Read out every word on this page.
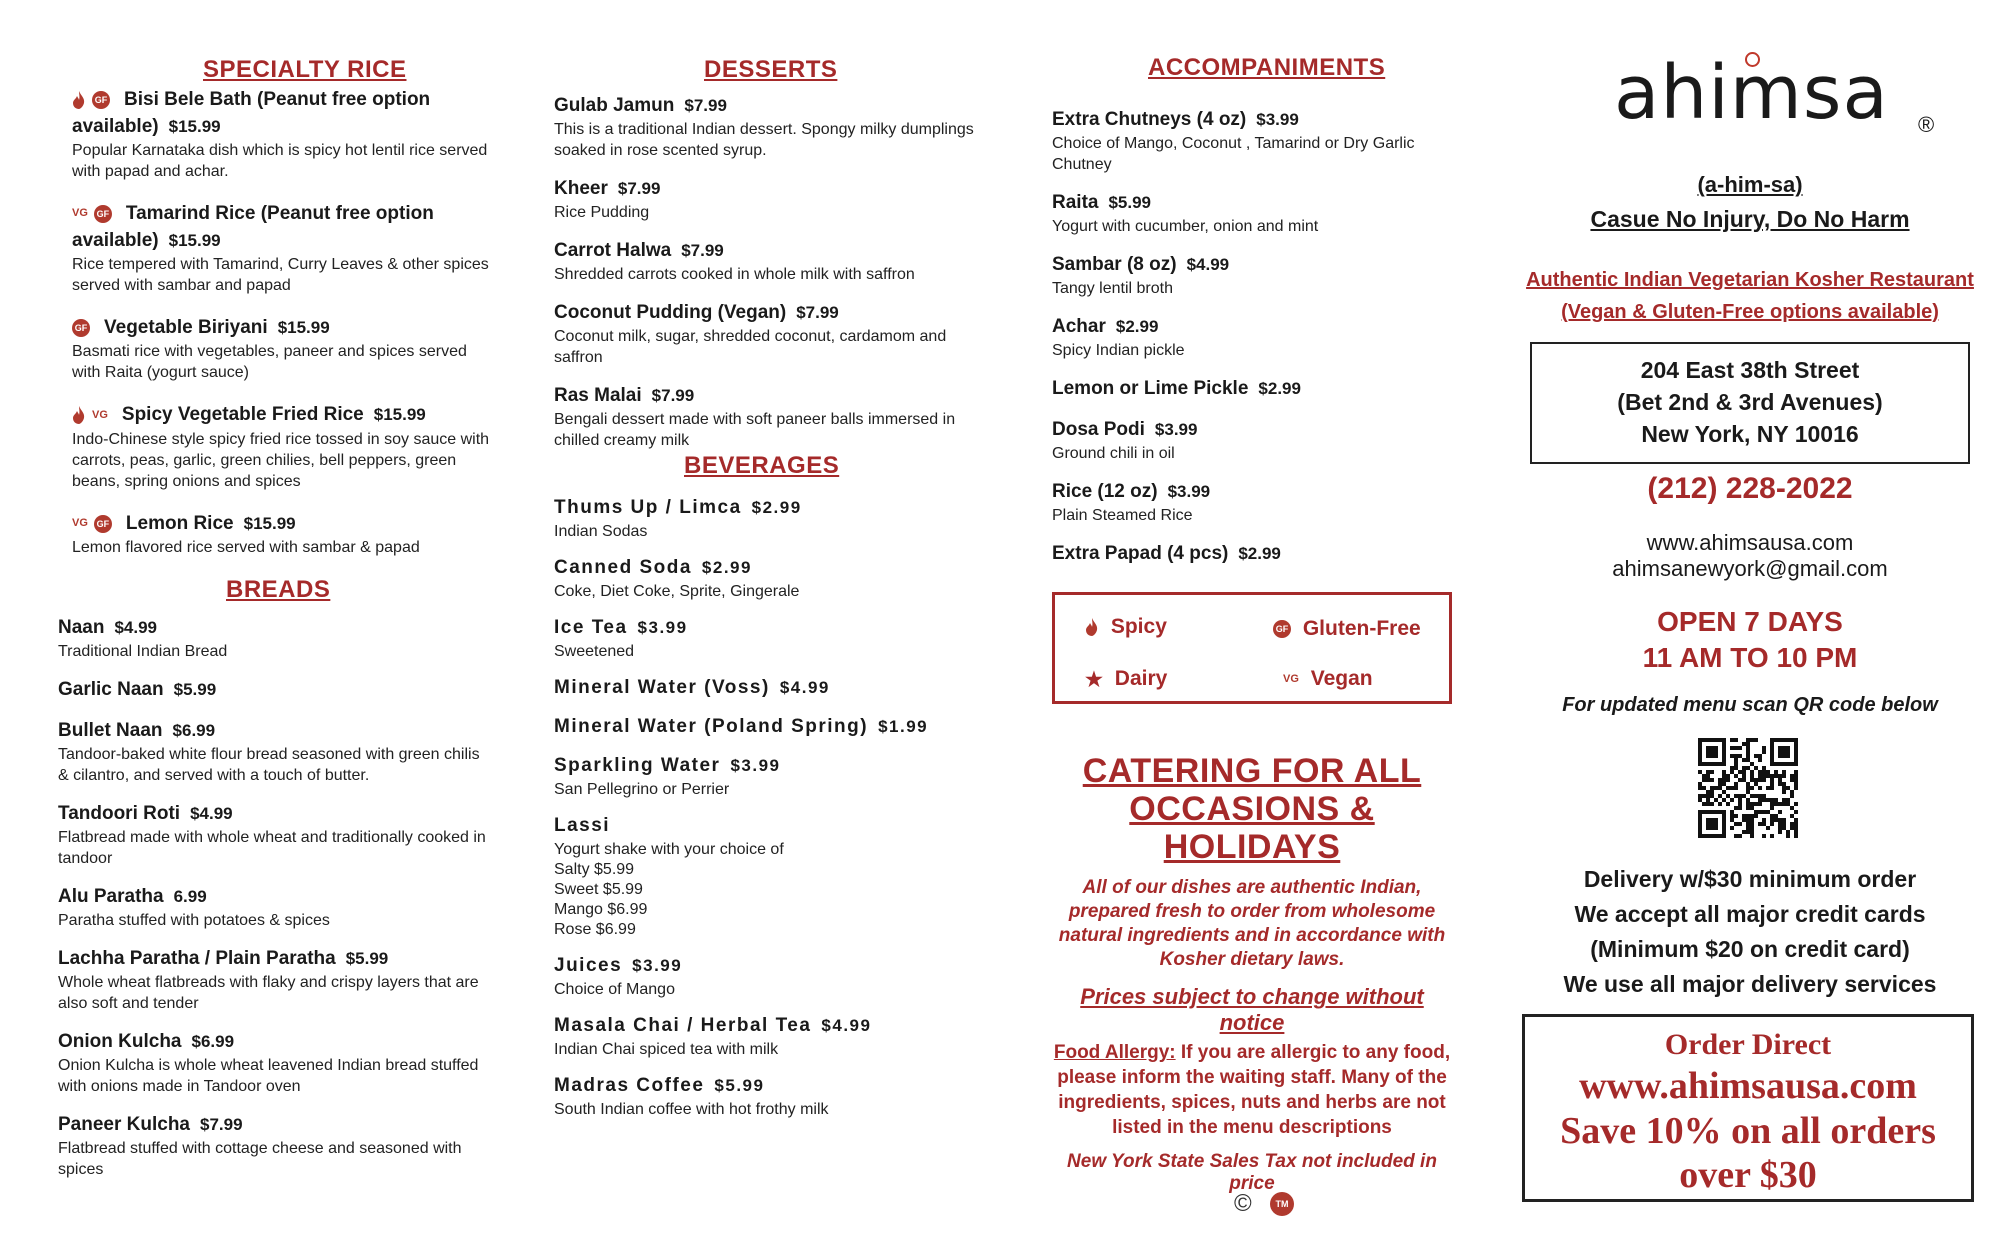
SPECIALTY RICE
GF Bisi Bele Bath (Peanut free option
available) $15.99
Popular Karnataka dish which is spicy hot lentil rice served with papad and achar.
VG GF Tamarind Rice (Peanut free option
available) $15.99
Rice tempered with Tamarind, Curry Leaves & other spices served with sambar and papad
GF Vegetable Biriyani $15.99
Basmati rice with vegetables, paneer and spices served with Raita (yogurt sauce)
VG Spicy Vegetable Fried Rice $15.99
Indo-Chinese style spicy fried rice tossed in soy sauce with carrots, peas, garlic, green chilies, bell peppers, green beans, spring onions and spices
VG GF Lemon Rice $15.99
Lemon flavored rice served with sambar & papad
BREADS
Naan $4.99
Traditional Indian Bread
Garlic Naan $5.99
Bullet Naan $6.99
Tandoor-baked white flour bread seasoned with green chilis & cilantro, and served with a touch of butter.
Tandoori Roti $4.99
Flatbread made with whole wheat and traditionally cooked in tandoor
Alu Paratha 6.99
Paratha stuffed with potatoes & spices
Lachha Paratha / Plain Paratha $5.99
Whole wheat flatbreads with flaky and crispy layers that are also soft and tender
Onion Kulcha $6.99
Onion Kulcha is whole wheat leavened Indian bread stuffed with onions made in Tandoor oven
Paneer Kulcha $7.99
Flatbread stuffed with cottage cheese and seasoned with spices
DESSERTS
Gulab Jamun $7.99
This is a traditional Indian dessert. Spongy milky dumplings soaked in rose scented syrup.
Kheer $7.99
Rice Pudding
Carrot Halwa $7.99
Shredded carrots cooked in whole milk with saffron
Coconut Pudding (Vegan) $7.99
Coconut milk, sugar, shredded coconut, cardamom and saffron
Ras Malai $7.99
Bengali dessert made with soft paneer balls immersed in chilled creamy milk
BEVERAGES
Thums Up / Limca $2.99
Indian Sodas
Canned Soda $2.99
Coke, Diet Coke, Sprite, Gingerale
Ice Tea $3.99
Sweetened
Mineral Water (Voss) $4.99
Mineral Water (Poland Spring) $1.99
Sparkling Water $3.99
San Pellegrino or Perrier
Lassi
Yogurt shake with your choice of
Salty $5.99
Sweet $5.99
Mango $6.99
Rose $6.99
Juices $3.99
Choice of Mango
Masala Chai / Herbal Tea $4.99
Indian Chai spiced tea with milk
Madras Coffee $5.99
South Indian coffee with hot frothy milk
ACCOMPANIMENTS
Extra Chutneys (4 oz) $3.99
Choice of Mango, Coconut , Tamarind or Dry Garlic Chutney
Raita $5.99
Yogurt with cucumber, onion and mint
Sambar (8 oz) $4.99
Tangy lentil broth
Achar $2.99
Spicy Indian pickle
Lemon or Lime Pickle $2.99
Dosa Podi $3.99
Ground chili in oil
Rice (12 oz) $3.99
Plain Steamed Rice
Extra Papad (4 pcs) $2.99
Spicy	GF Gluten-Free
★ Dairy	VG Vegan
CATERING FOR ALL
OCCASIONS & HOLIDAYS
All of our dishes are authentic Indian, prepared fresh to order from wholesome natural ingredients and in accordance with Kosher dietary laws.
Prices subject to change without notice
Food Allergy: If you are allergic to any food, please inform the waiting staff. Many of the ingredients, spices, nuts and herbs are not listed in the menu descriptions
New York State Sales Tax not included in price
©	TM
ahimsa	®
(a-him-sa)
Casue No Injury, Do No Harm
Authentic Indian Vegetarian Kosher Restaurant
(Vegan & Gluten-Free options available)
204 East 38th Street
(Bet 2nd & 3rd Avenues)
New York, NY 10016
(212) 228-2022
www.ahimsausa.com
ahimsanewyork@gmail.com
OPEN 7 DAYS
11 AM TO 10 PM
For updated menu scan QR code below
Delivery w/$30 minimum order
We accept all major credit cards
(Minimum $20 on credit card)
We use all major delivery services
Order Direct
www.ahimsausa.com
Save 10% on all orders
over $30
